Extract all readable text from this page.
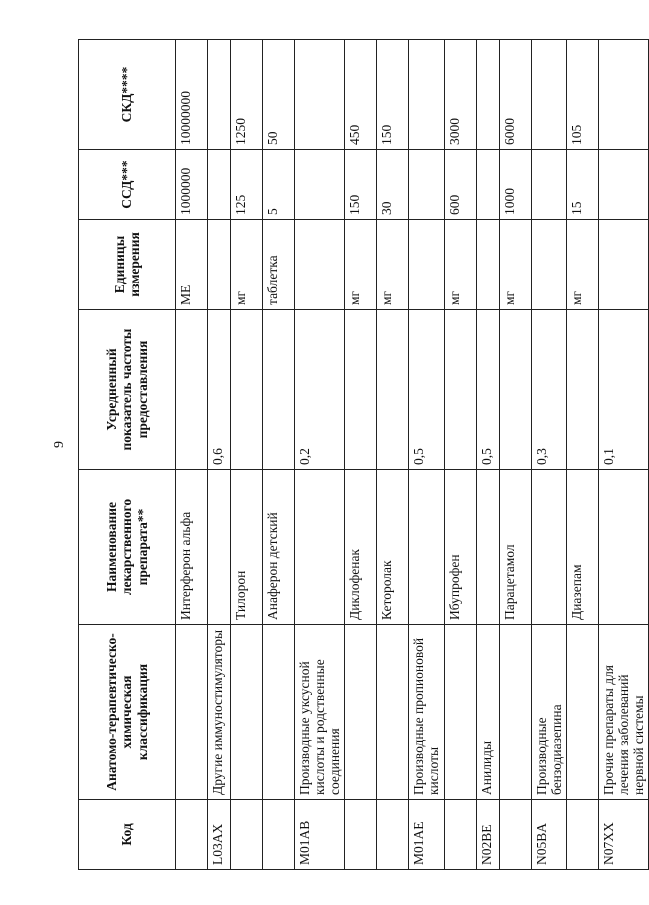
9
Код	Анатомо-терапевтическо-химическая классификация	Наименование лекарственного препарата**	Усредненный показатель частоты предоставления	Единицы измерения	ССД***	СКД****
		Интерферон альфа		МЕ	1000000	10000000
L03AX	Другие иммуностимуляторы		0,6			
		Тилорон		мг	125	1250
		Анаферон детский		таблетка	5	50
M01AB	Производные уксусной кислоты и родственные соединения		0,2			
		Диклофенак		мг	150	450
		Кеторолак		мг	30	150
M01AE	Производные пропионовой кислоты		0,5			
		Ибупрофен		мг	600	3000
N02BE	Анилиды		0,5			
		Парацетамол		мг	1000	6000
N05BA	Производные бензодиазепина		0,3			
		Диазепам		мг	15	105
N07XX	Прочие препараты для лечения заболеваний нервной системы		0,1			
